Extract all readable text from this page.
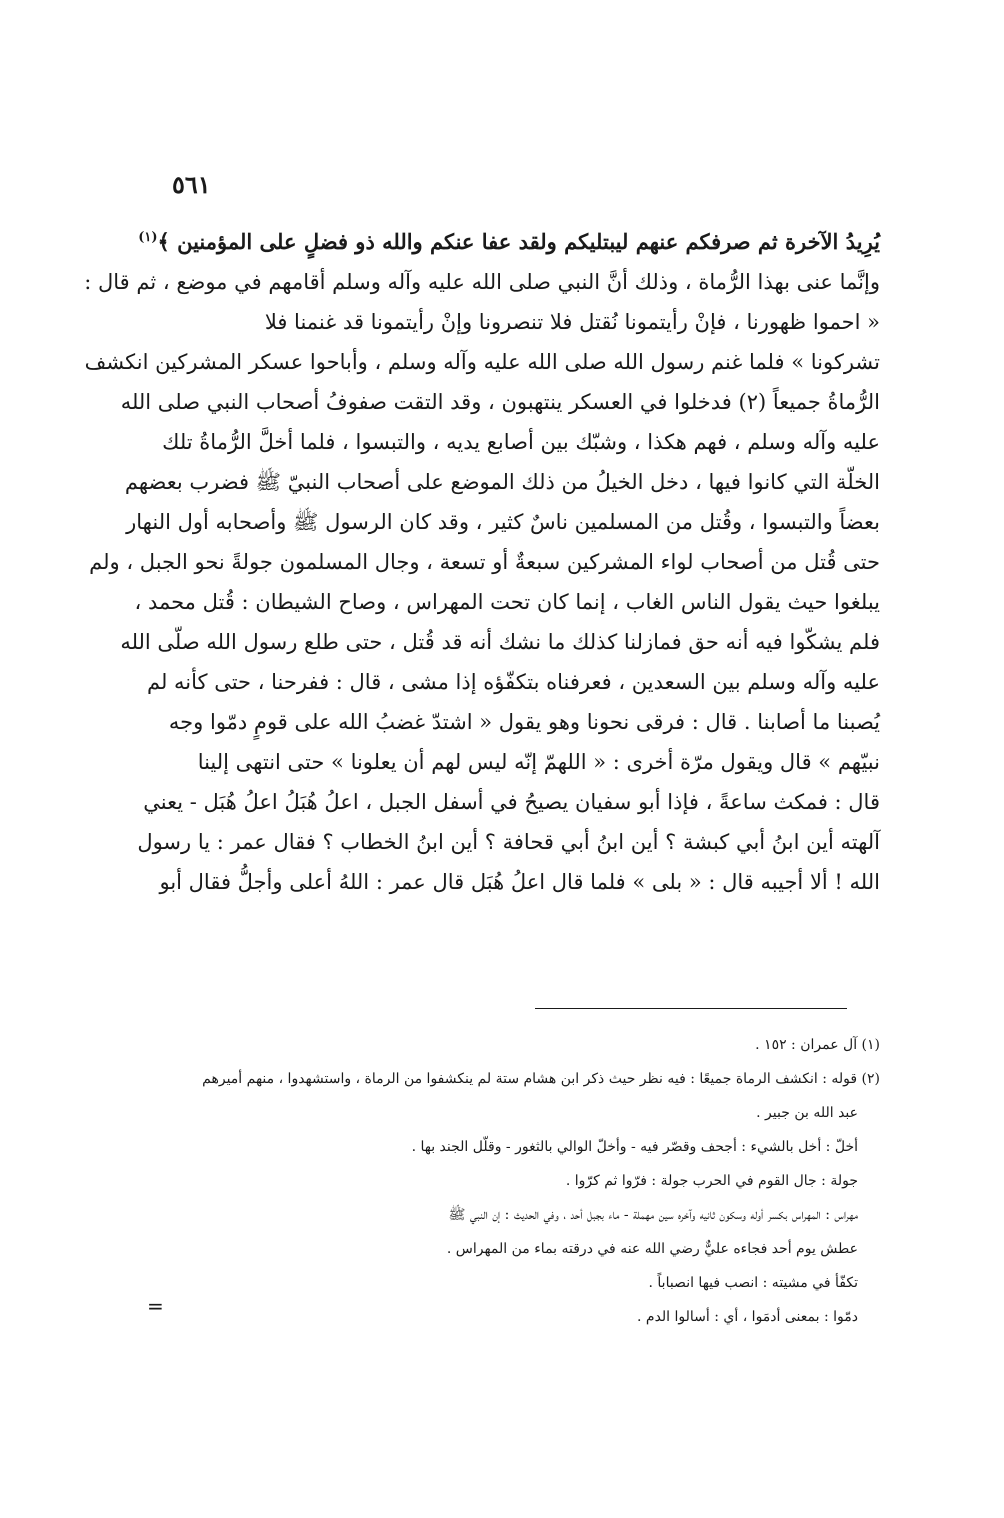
٥٦١
يُرِيدُ الآخرة ثم صرفكم عنهم ليبتليكم ولقد عفا عنكم والله ذو فضلٍ على المؤمنين ﴾$^{(١)}$
وإنَّما عنى بهذا الرُّماة ، وذلك أنَّ النبي صلى الله عليه وآله وسلم أقامهم في موضع ، ثم قال :
« احموا ظهورنا ، فإنْ رأيتمونا نُقتل فلا تنصرونا وإنْ رأيتمونا قد غنمنا فلا
تشركونا » فلما غنم رسول الله صلى الله عليه وآله وسلم ، وأباحوا عسكر المشركين انكشف
الرُّماةُ جميعاً (٢) فدخلوا في العسكر ينتهبون ، وقد التقت صفوفُ أصحاب النبي صلى الله
عليه وآله وسلم ، فهم هكذا ، وشبّك بين أصابع يديه ، والتبسوا ، فلما أخلَّ الرُّماةُ تلك
الخلّة التي كانوا فيها ، دخل الخيلُ من ذلك الموضع على أصحاب النبيّ ﷺ فضرب بعضهم
بعضاً والتبسوا ، وقُتل من المسلمين ناسٌ كثير ، وقد كان الرسول ﷺ وأصحابه أول النهار
حتى قُتل من أصحاب لواء المشركين سبعةٌ أو تسعة ، وجال المسلمون جولةً نحو الجبل ، ولم
يبلغوا حيث يقول الناس الغاب ، إنما كان تحت المهراس ، وصاح الشيطان : قُتل محمد ،
فلم يشكّوا فيه أنه حق فمازلنا كذلك ما نشك أنه قد قُتل ، حتى طلع رسول الله صلّى الله
عليه وآله وسلم بين السعدين ، فعرفناه بتكفّؤه إذا مشى ، قال : ففرحنا ، حتى كأنه لم
يُصبنا ما أصابنا . قال : فرقى نحونا وهو يقول « اشتدّ غضبُ الله على قومٍ دمّوا وجه
نبيّهم » قال ويقول مرّة أخرى : « اللهمّ إنّه ليس لهم أن يعلونا » حتى انتهى إلينا
قال : فمكث ساعةً ، فإذا أبو سفيان يصيحُ في أسفل الجبل ، اعلُ هُبَلُ اعلُ هُبَل - يعني
آلهته أين ابنُ أبي كبشة ؟ أين ابنُ أبي قحافة ؟ أين ابنُ الخطاب ؟ فقال عمر : يا رسول
الله ! ألا أجيبه قال : « بلى » فلما قال اعلُ هُبَل قال عمر : اللهُ أعلى وأجلُّ فقال أبو
(١) آل عمران : ١٥٢ .
(٢) قوله : انكشف الرماة جميعًا : فيه نظر حيث ذكر ابن هشام ستة لم ينكشفوا من الرماة ، واستشهدوا ، منهم أميرهم
عبد الله بن جبير .
أخلّ : أخل بالشيء : أجحف وقصّر فيه - وأخلّ الوالي بالثغور - وقلّل الجند بها .
جولة : جال القوم في الحرب جولة : فرّوا ثم كرّوا .
مهراس : المهراس بكسر أوله وسكون ثانيه وآخره سين مهملة - ماء بجبل أحد ، وفي الحديث : إن النبي ﷺ
عطش يوم أحد فجاءه عليٌّ رضي الله عنه في درقته بماء من المهراس .
تكفّأ في مشيته : انصب فيها انصباباً .
دمّوا : بمعنى أدمَوا ، أي : أسالوا الدم .
=
